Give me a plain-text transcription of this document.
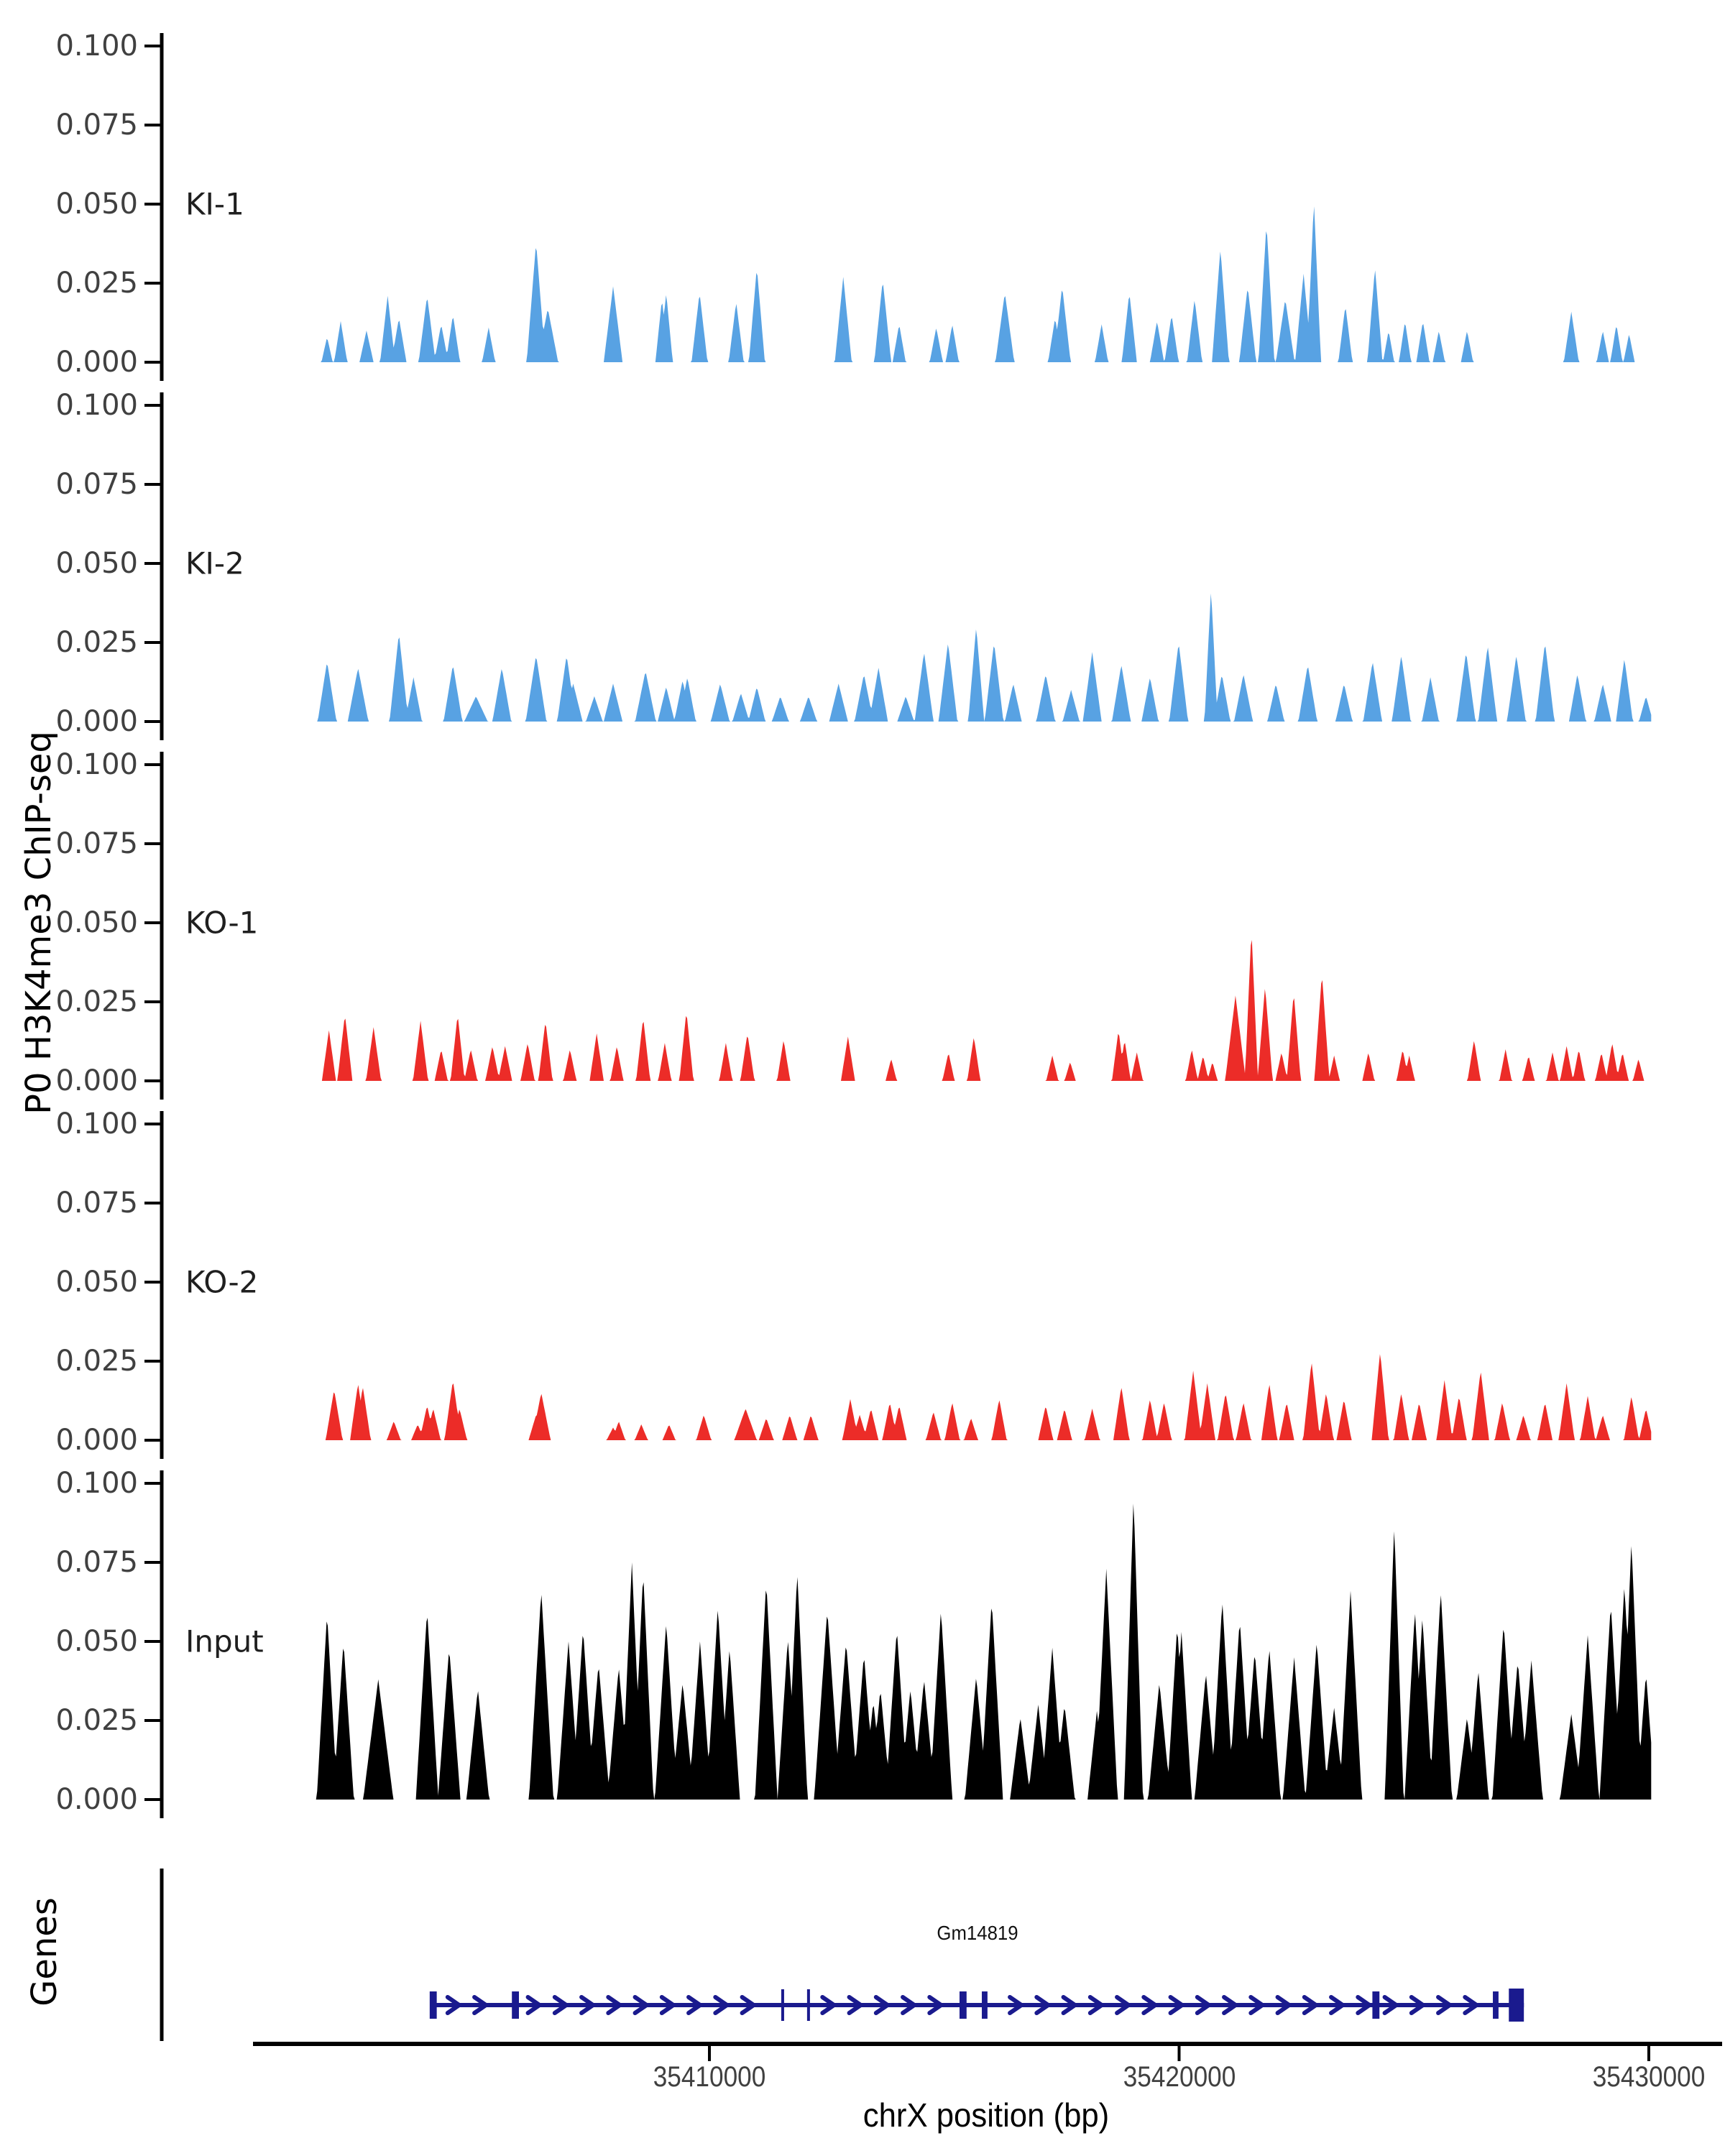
P0 H3K4me3 ChIP-seq
Genes
chrX position (bp)
Gm14819
0.000
0.025
0.050
0.075
0.100
KI-1
0.000
0.025
0.050
0.075
0.100
KI-2
0.000
0.025
0.050
0.075
0.100
KO-1
0.000
0.025
0.050
0.075
0.100
KO-2
0.000
0.025
0.050
0.075
0.100
Input
35410000	35420000	35430000
